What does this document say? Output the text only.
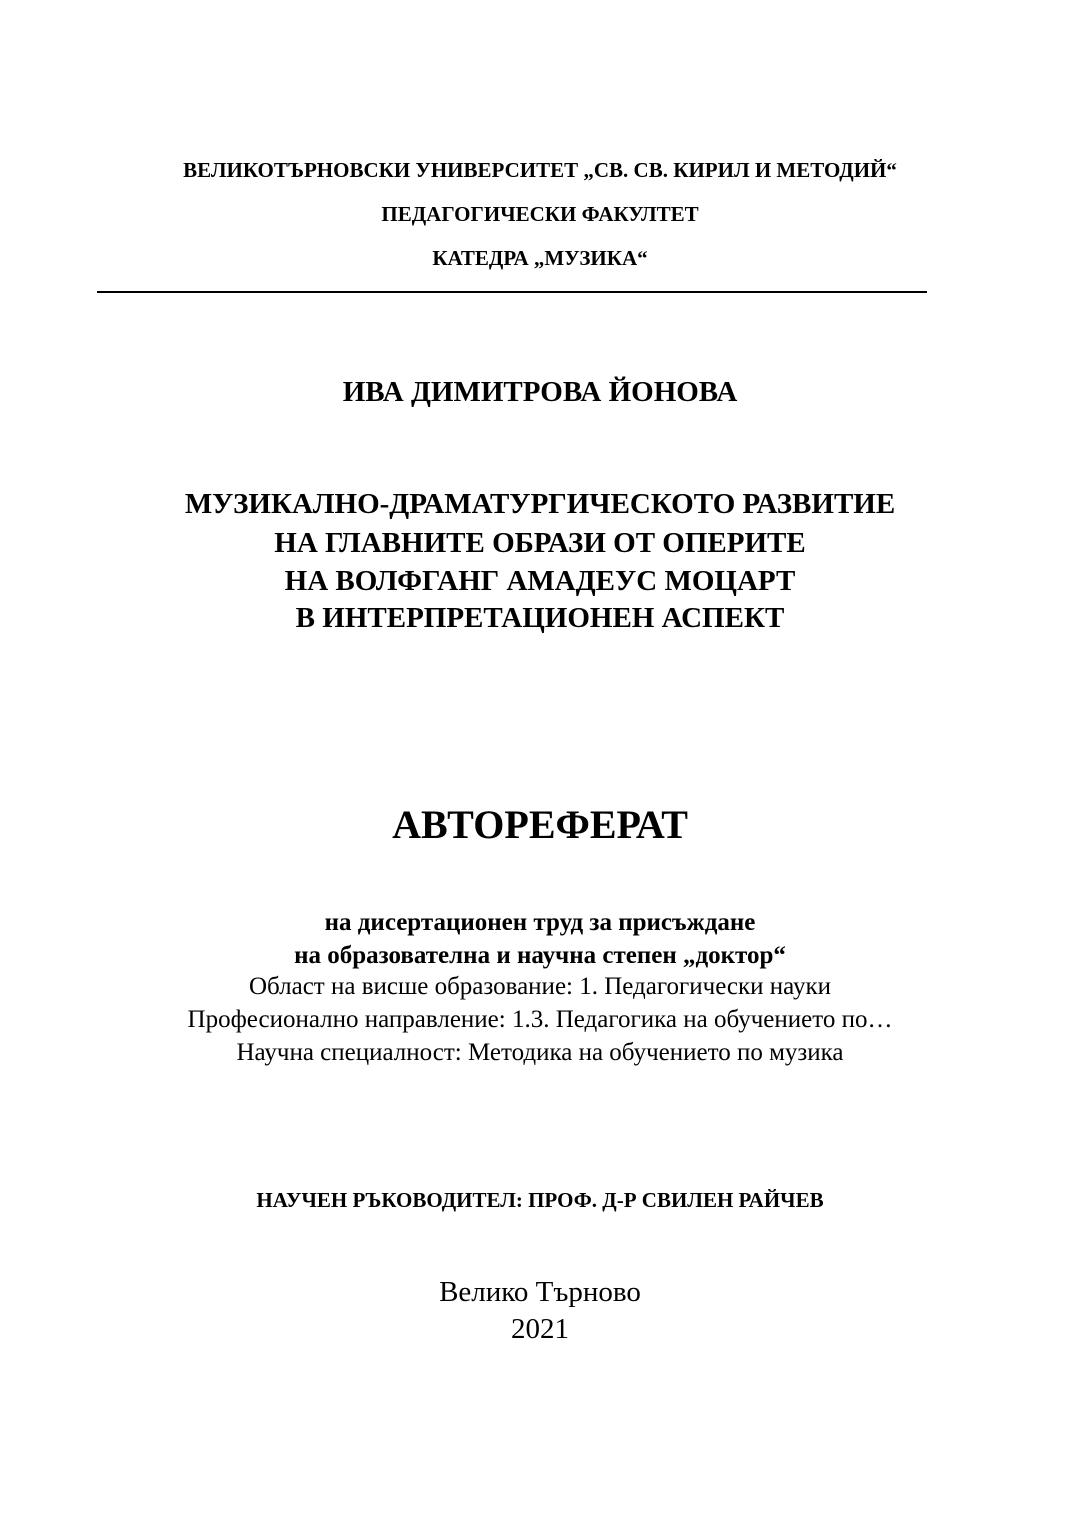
ВЕЛИКОТЪРНОВСКИ УНИВЕРСИТЕТ „СВ. СВ. КИРИЛ И МЕТОДИЙ“
ПЕДАГОГИЧЕСКИ ФАКУЛТЕТ
КАТЕДРА „МУЗИКА“
ИВА ДИМИТРОВА ЙОНОВА
МУЗИКАЛНО-ДРАМАТУРГИЧЕСКОТО РАЗВИТИЕ
НА ГЛАВНИТЕ ОБРАЗИ ОТ ОПЕРИТЕ
НА ВОЛФГАНГ АМАДЕУС МОЦАРТ
В ИНТЕРПРЕТАЦИОНЕН АСПЕКТ
АВТОРЕФЕРАТ
на дисертационен труд за присъждане
на образователна и научна степен „доктор“
Област на висше образование: 1. Педагогически науки
Професионално направление: 1.3. Педагогика на обучението по…
Научна специалност: Методика на обучението по музика
НАУЧЕН РЪКОВОДИТЕЛ: ПРОФ. Д-Р СВИЛЕН РАЙЧЕВ
Велико Търново
2021
